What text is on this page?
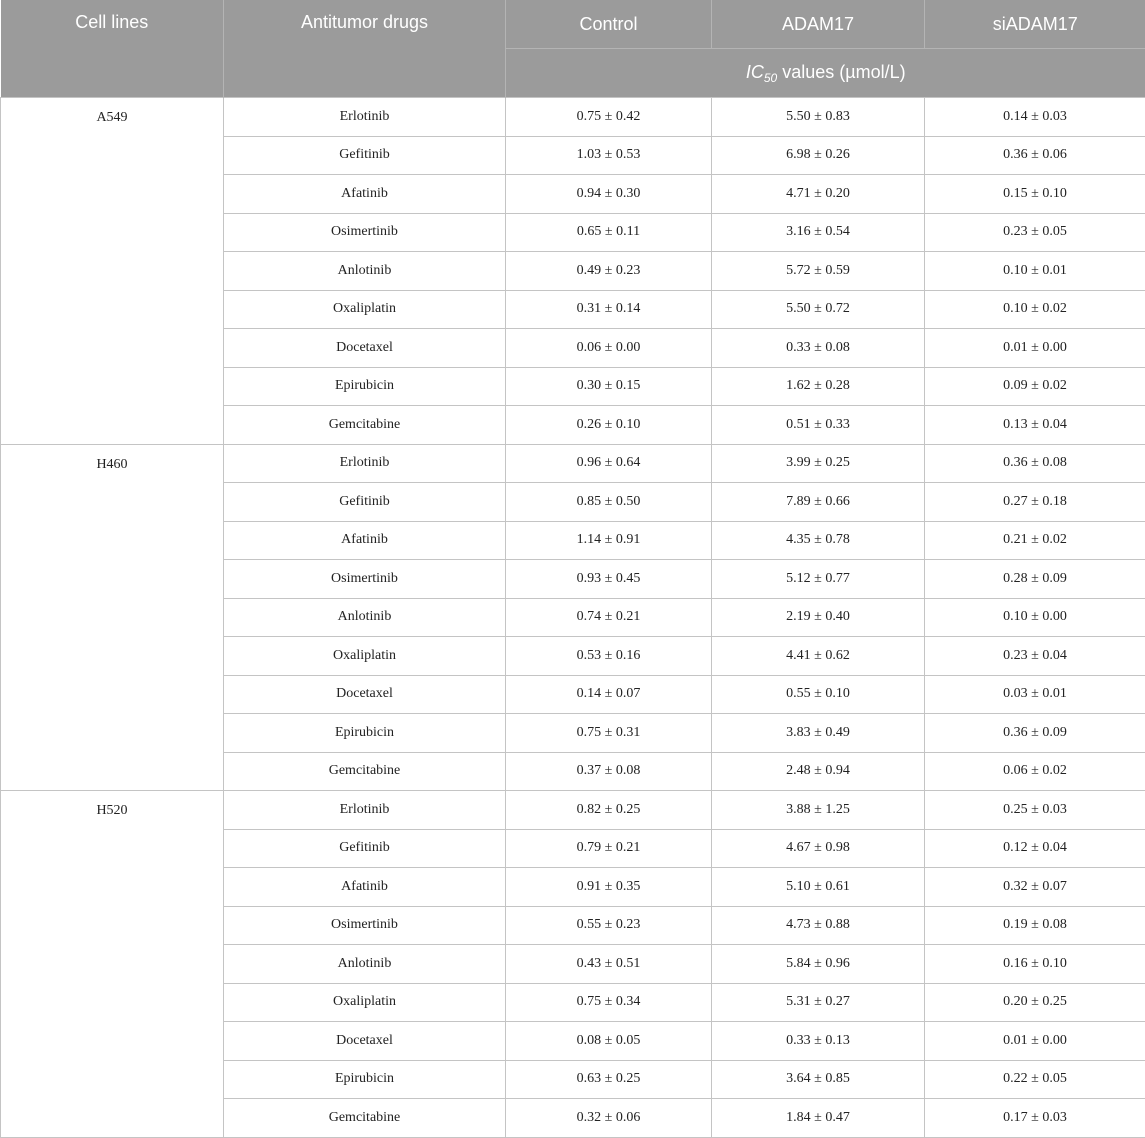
Cell lines	Antitumor drugs	Control	ADAM17	siADAM17
		$IC_{50}$ values (µmol/L)		
A549	Erlotinib	0.75 ± 0.42	5.50 ± 0.83	0.14 ± 0.03
	Gefitinib	1.03 ± 0.53	6.98 ± 0.26	0.36 ± 0.06
	Afatinib	0.94 ± 0.30	4.71 ± 0.20	0.15 ± 0.10
	Osimertinib	0.65 ± 0.11	3.16 ± 0.54	0.23 ± 0.05
	Anlotinib	0.49 ± 0.23	5.72 ± 0.59	0.10 ± 0.01
	Oxaliplatin	0.31 ± 0.14	5.50 ± 0.72	0.10 ± 0.02
	Docetaxel	0.06 ± 0.00	0.33 ± 0.08	0.01 ± 0.00
	Epirubicin	0.30 ± 0.15	1.62 ± 0.28	0.09 ± 0.02
	Gemcitabine	0.26 ± 0.10	0.51 ± 0.33	0.13 ± 0.04
H460	Erlotinib	0.96 ± 0.64	3.99 ± 0.25	0.36 ± 0.08
	Gefitinib	0.85 ± 0.50	7.89 ± 0.66	0.27 ± 0.18
	Afatinib	1.14 ± 0.91	4.35 ± 0.78	0.21 ± 0.02
	Osimertinib	0.93 ± 0.45	5.12 ± 0.77	0.28 ± 0.09
	Anlotinib	0.74 ± 0.21	2.19 ± 0.40	0.10 ± 0.00
	Oxaliplatin	0.53 ± 0.16	4.41 ± 0.62	0.23 ± 0.04
	Docetaxel	0.14 ± 0.07	0.55 ± 0.10	0.03 ± 0.01
	Epirubicin	0.75 ± 0.31	3.83 ± 0.49	0.36 ± 0.09
	Gemcitabine	0.37 ± 0.08	2.48 ± 0.94	0.06 ± 0.02
H520	Erlotinib	0.82 ± 0.25	3.88 ± 1.25	0.25 ± 0.03
	Gefitinib	0.79 ± 0.21	4.67 ± 0.98	0.12 ± 0.04
	Afatinib	0.91 ± 0.35	5.10 ± 0.61	0.32 ± 0.07
	Osimertinib	0.55 ± 0.23	4.73 ± 0.88	0.19 ± 0.08
	Anlotinib	0.43 ± 0.51	5.84 ± 0.96	0.16 ± 0.10
	Oxaliplatin	0.75 ± 0.34	5.31 ± 0.27	0.20 ± 0.25
	Docetaxel	0.08 ± 0.05	0.33 ± 0.13	0.01 ± 0.00
	Epirubicin	0.63 ± 0.25	3.64 ± 0.85	0.22 ± 0.05
	Gemcitabine	0.32 ± 0.06	1.84 ± 0.47	0.17 ± 0.03
